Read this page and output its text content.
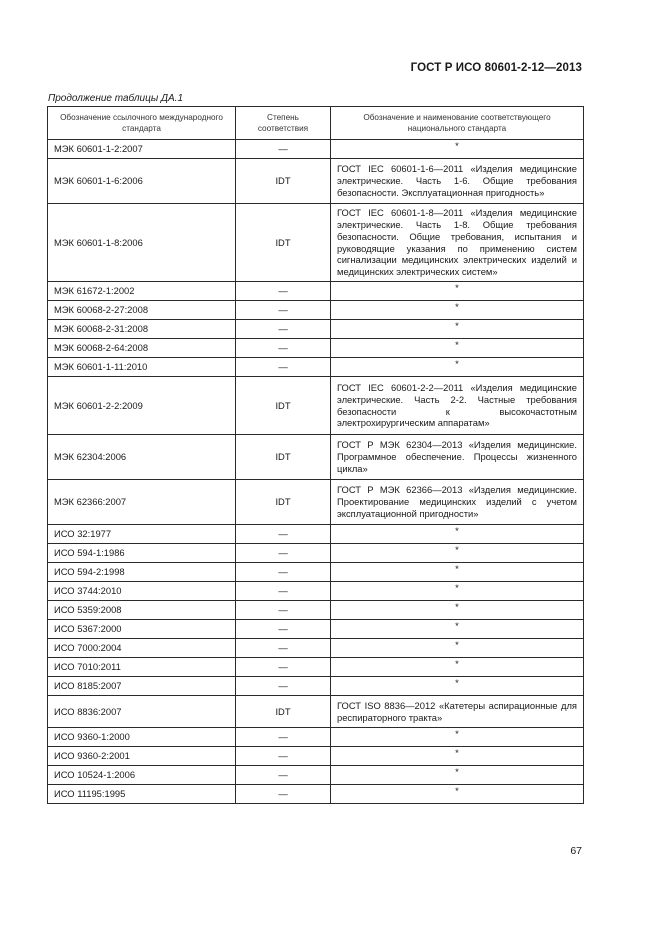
ГОСТ Р ИСО 80601-2-12—2013
Продолжение таблицы ДА.1
Обозначение ссылочного международного стандарта	Степень соответствия	Обозначение и наименование соответствующего национального стандарта
МЭК 60601-1-2:2007	—	*
МЭК 60601-1-6:2006	IDT	ГОСТ IEC 60601-1-6—2011 «Изделия медицинские электрические. Часть 1-6. Общие требования безопасности. Эксплуатационная пригодность»
МЭК 60601-1-8:2006	IDT	ГОСТ IEC 60601-1-8—2011 «Изделия медицинские электрические. Часть 1-8. Общие требования безопасности. Общие требования, испытания и руководящие указания по применению систем сигнализации медицинских электрических изделий и медицинских электрических систем»
МЭК 61672-1:2002	—	*
МЭК 60068-2-27:2008	—	*
МЭК 60068-2-31:2008	—	*
МЭК 60068-2-64:2008	—	*
МЭК 60601-1-11:2010	—	*
МЭК 60601-2-2:2009	IDT	ГОСТ IEC 60601-2-2—2011 «Изделия медицинские электрические. Часть 2-2. Частные требования безопасности к высокочастотным электрохирургическим аппаратам»
МЭК 62304:2006	IDT	ГОСТ Р МЭК 62304—2013 «Изделия медицинские. Программное обеспечение. Процессы жизненного цикла»
МЭК 62366:2007	IDT	ГОСТ Р МЭК 62366—2013 «Изделия медицинские. Проектирование медицинских изделий с учетом эксплуатационной пригодности»
ИСО 32:1977	—	*
ИСО 594-1:1986	—	*
ИСО 594-2:1998	—	*
ИСО 3744:2010	—	*
ИСО 5359:2008	—	*
ИСО 5367:2000	—	*
ИСО 7000:2004	—	*
ИСО 7010:2011	—	*
ИСО 8185:2007	—	*
ИСО 8836:2007	IDT	ГОСТ ISO 8836—2012 «Катетеры аспирационные для респираторного тракта»
ИСО 9360-1:2000	—	*
ИСО 9360-2:2001	—	*
ИСО 10524-1:2006	—	*
ИСО 11195:1995	—	*
67
